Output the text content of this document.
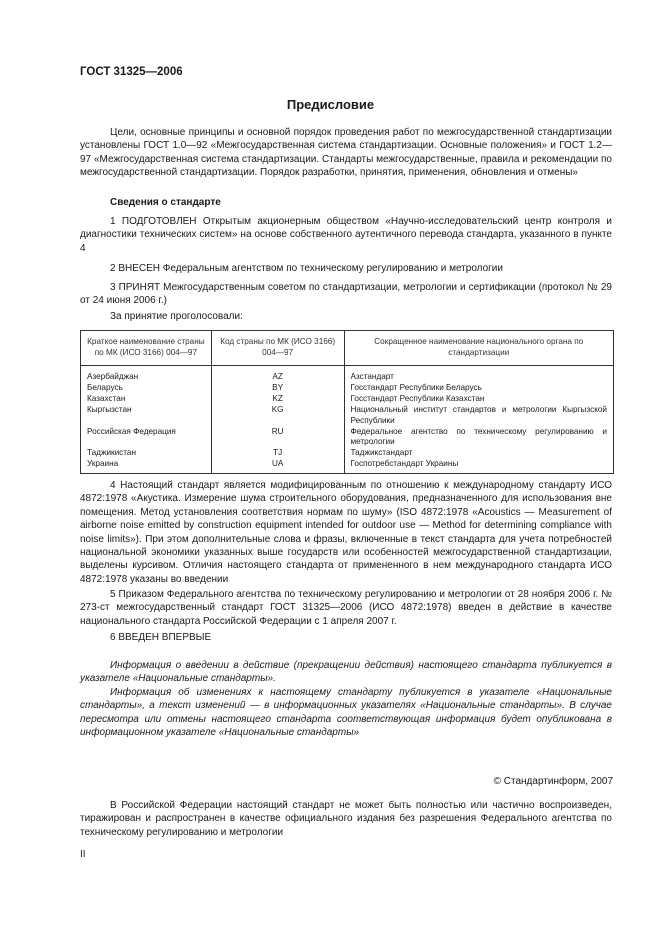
ГОСТ 31325—2006
Предисловие
Цели, основные принципы и основной порядок проведения работ по межгосударственной стандартизации установлены ГОСТ 1.0—92 «Межгосударственная система стандартизации. Основные положения» и ГОСТ 1.2—97 «Межгосударственная система стандартизации. Стандарты межгосударственные, правила и рекомендации по межгосударственной стандартизации. Порядок разработки, принятия, применения, обновления и отмены»
Сведения о стандарте
1 ПОДГОТОВЛЕН Открытым акционерным обществом «Научно-исследовательский центр контроля и диагностики технических систем» на основе собственного аутентичного перевода стандарта, указанного в пункте 4
2 ВНЕСЕН Федеральным агентством по техническому регулированию и метрологии
3 ПРИНЯТ Межгосударственным советом по стандартизации, метрологии и сертификации (протокол № 29 от 24 июня 2006 г.)
За принятие проголосовали:
Краткое наименование страны по МК (ИСО 3166) 004—97	Код страны по МК (ИСО 3166) 004—97	Сокращенное наименование национального органа по стандартизации
Азербайджан	AZ	Азстандарт
Беларусь	BY	Госстандарт Республики Беларусь
Казахстан	KZ	Госстандарт Республики Казахстан
Кыргызстан	KG	Национальный институт стандартов и метрологии Кыргызской Республики
Российская Федерация	RU	Федеральное агентство по техническому регулированию и метрологии
Таджикистан	TJ	Таджикстандарт
Украина	UA	Госпотребстандарт Украины
4 Настоящий стандарт является модифицированным по отношению к международному стандарту ИСО 4872:1978 «Акустика. Измерение шума строительного оборудования, предназначенного для использования вне помещения. Метод установления соответствия нормам по шуму» (ISO 4872:1978 «Acoustics — Measurement of airborne noise emitted by construction equipment intended for outdoor use — Method for determining compliance with noise limits»). При этом дополнительные слова и фразы, включенные в текст стандарта для учета потребностей национальной экономики указанных выше государств или особенностей межгосударственной стандартизации, выделены курсивом. Отличия настоящего стандарта от примененного в нем международного стандарта ИСО 4872:1978 указаны во введении
5 Приказом Федерального агентства по техническому регулированию и метрологии от 28 ноября 2006 г. № 273-ст межгосударственный стандарт ГОСТ 31325—2006 (ИСО 4872:1978) введен в действие в качестве национального стандарта Российской Федерации с 1 апреля 2007 г.
6 ВВЕДЕН ВПЕРВЫЕ
Информация о введении в действие (прекращении действия) настоящего стандарта публикуется в указателе «Национальные стандарты».
Информация об изменениях к настоящему стандарту публикуется в указателе «Национальные стандарты», а текст изменений — в информационных указателях «Национальные стандарты». В случае пересмотра или отмены настоящего стандарта соответствующая информация будет опубликована в информационном указателе «Национальные стандарты»
© Стандартинформ, 2007
В Российской Федерации настоящий стандарт не может быть полностью или частично воспроизведен, тиражирован и распространен в качестве официального издания без разрешения Федерального агентства по техническому регулированию и метрологии
II
